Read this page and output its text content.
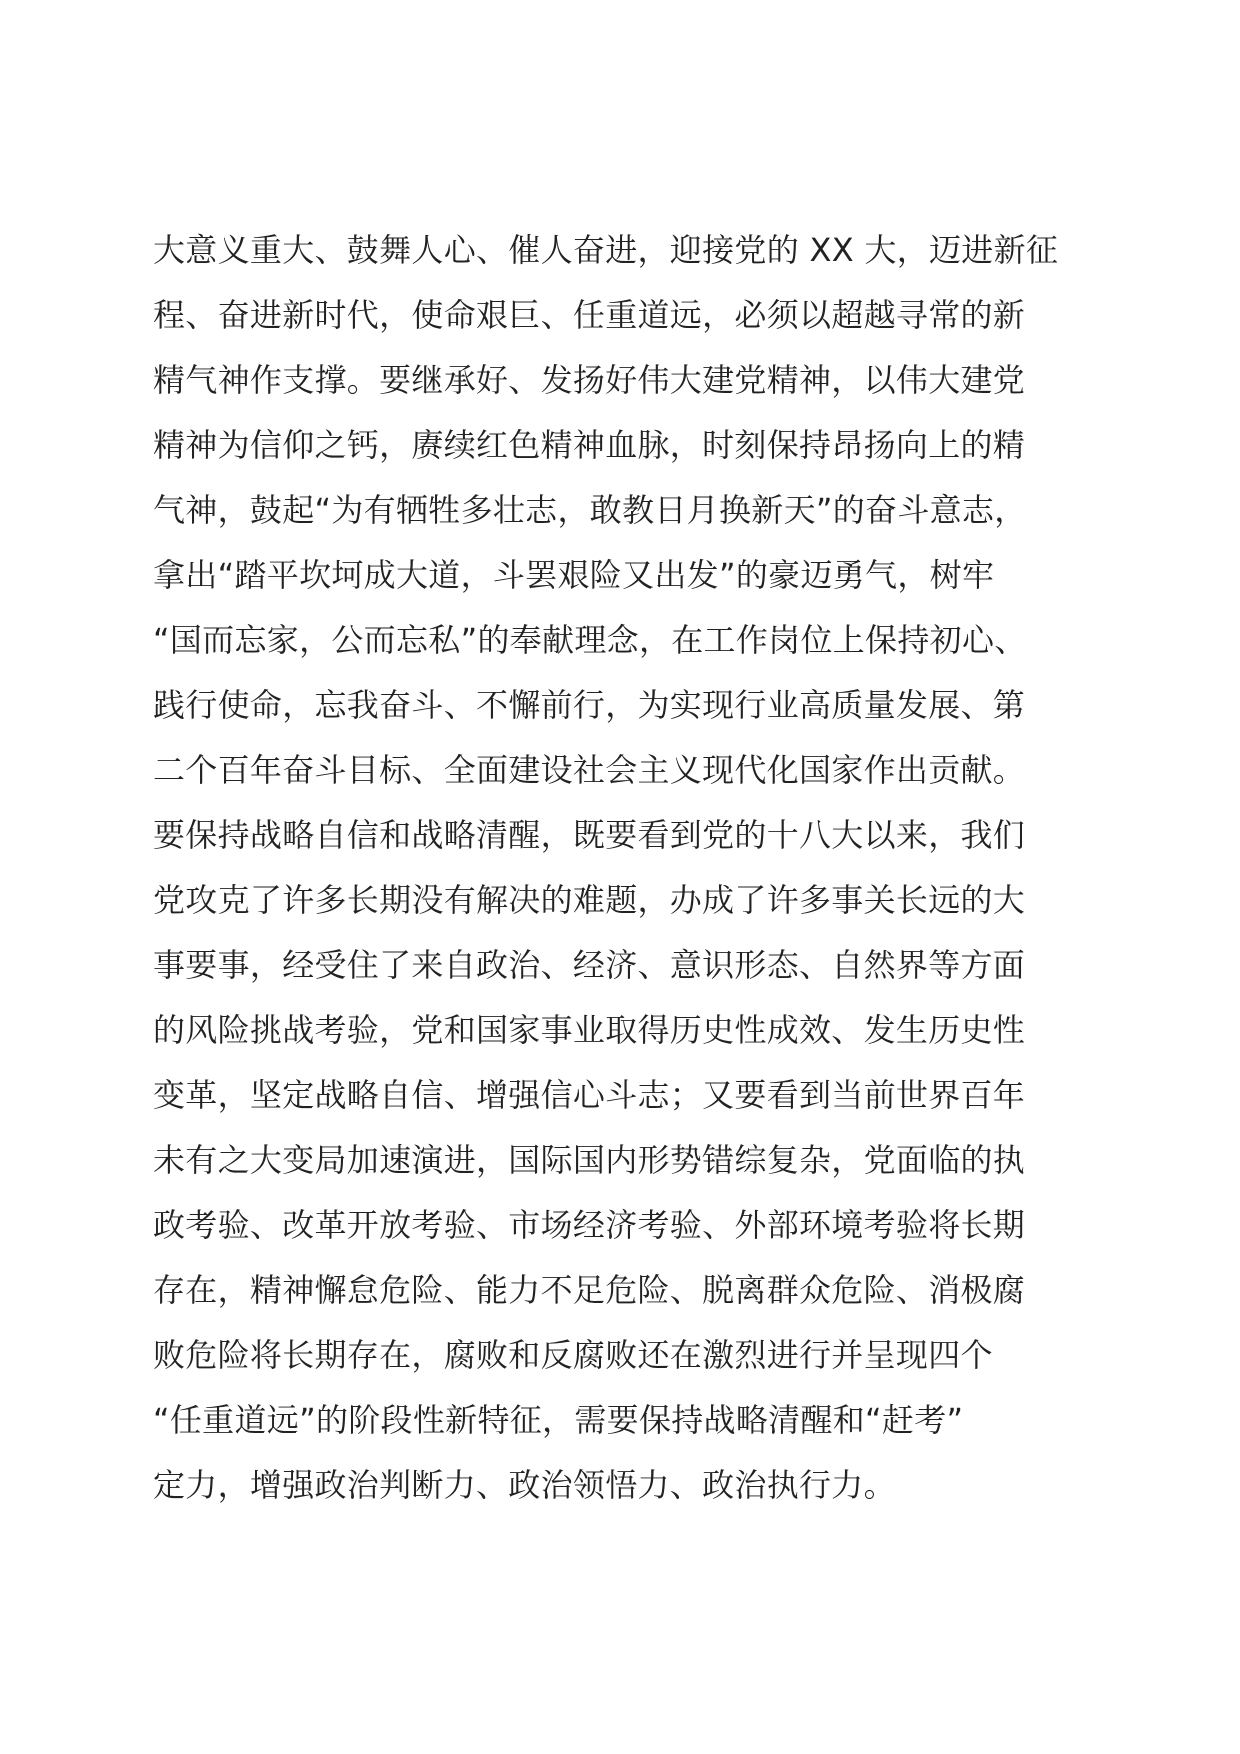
大意义重大、鼓舞人心、催人奋进，迎接党的 XX 大，迈进新征
程、奋进新时代，使命艰巨、任重道远，必须以超越寻常的新
精气神作支撑。要继承好、发扬好伟大建党精神，以伟大建党
精神为信仰之钙，赓续红色精神血脉，时刻保持昂扬向上的精
气神，鼓起“为有牺牲多壮志，敢教日月换新天”的奋斗意志，
拿出“踏平坎坷成大道，斗罢艰险又出发”的豪迈勇气，树牢
“国而忘家，公而忘私”的奉献理念，在工作岗位上保持初心、
践行使命，忘我奋斗、不懈前行，为实现行业高质量发展、第
二个百年奋斗目标、全面建设社会主义现代化国家作出贡献。
要保持战略自信和战略清醒，既要看到党的十八大以来，我们
党攻克了许多长期没有解决的难题，办成了许多事关长远的大
事要事，经受住了来自政治、经济、意识形态、自然界等方面
的风险挑战考验，党和国家事业取得历史性成效、发生历史性
变革，坚定战略自信、增强信心斗志；又要看到当前世界百年
未有之大变局加速演进，国际国内形势错综复杂，党面临的执
政考验、改革开放考验、市场经济考验、外部环境考验将长期
存在，精神懈怠危险、能力不足危险、脱离群众危险、消极腐
败危险将长期存在，腐败和反腐败还在激烈进行并呈现四个
“任重道远”的阶段性新特征，需要保持战略清醒和“赶考”
定力，增强政治判断力、政治领悟力、政治执行力。
